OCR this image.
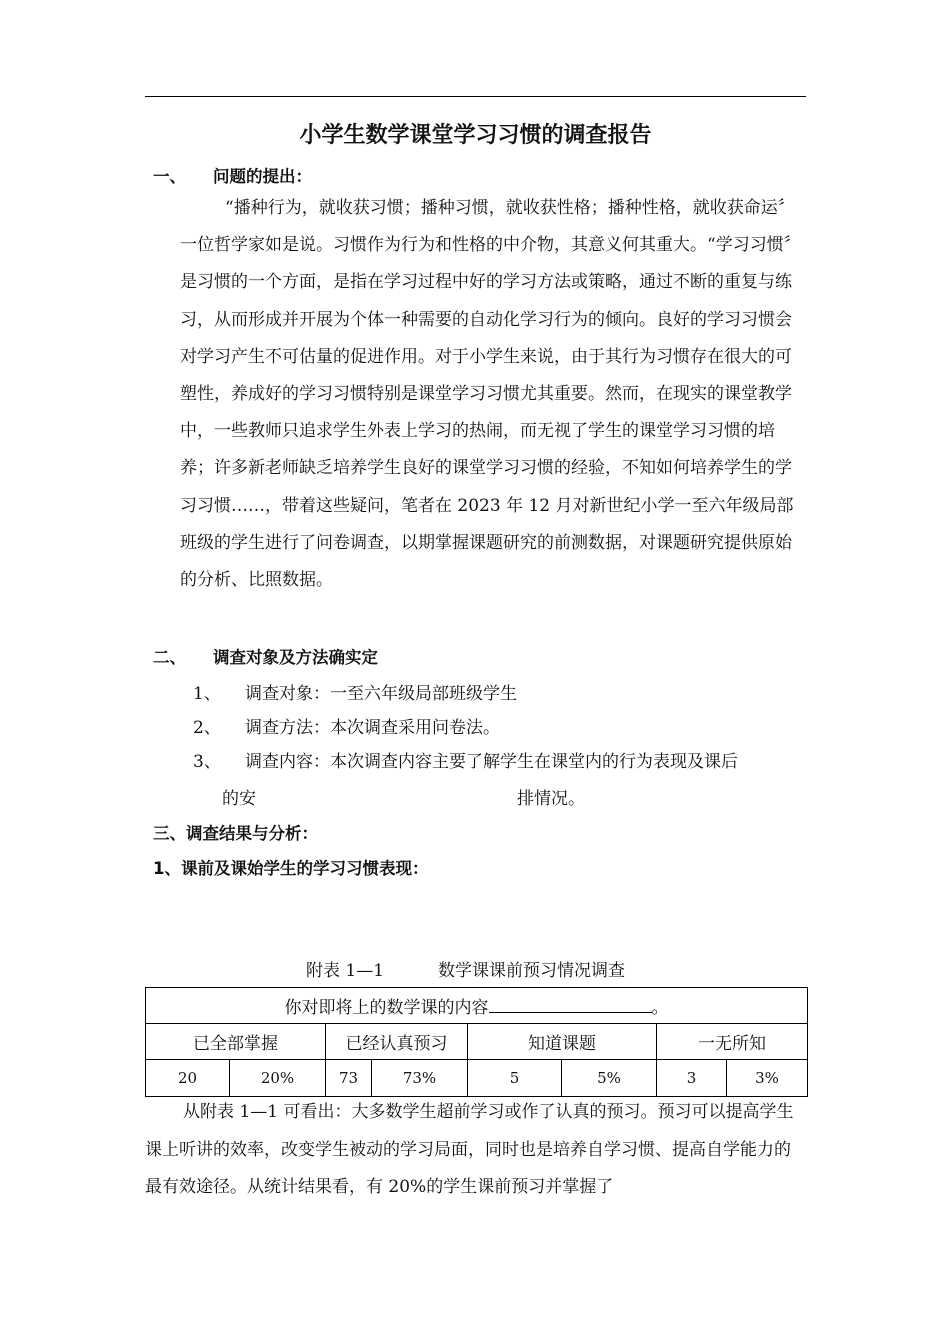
小学生数学课堂学习习惯的调查报告
一、 问题的提出：
“播种行为，就收获习惯；播种习惯，就收获性格；播种性格，就收获命运〞一位哲学家如是说。习惯作为行为和性格的中介物，其意义何其重大。“学习习惯〞是习惯的一个方面，是指在学习过程中好的学习方法或策略，通过不断的重复与练习，从而形成并开展为个体一种需要的自动化学习行为的倾向。良好的学习习惯会对学习产生不可估量的促进作用。对于小学生来说，由于其行为习惯存在很大的可塑性，养成好的学习习惯特别是课堂学习习惯尤其重要。然而，在现实的课堂教学中，一些教师只追求学生外表上学习的热闹，而无视了学生的课堂学习习惯的培养；许多新老师缺乏培养学生良好的课堂学习习惯的经验，不知如何培养学生的学习习惯……，带着这些疑问，笔者在 2023 年 12 月对新世纪小学一至六年级局部班级的学生进行了问卷调查，以期掌握课题研究的前测数据，对课题研究提供原始的分析、比照数据。
二、 调查对象及方法确实定
1、 调查对象：一至六年级局部班级学生
2、 调查方法：本次调查采用问卷法。
3、 调查内容：本次调查内容主要了解学生在课堂内的行为表现及课后
的安	排情况。
三、调查结果与分析：
1、课前及课始学生的学习习惯表现：
附表 1—1	数学课课前预习情况调查
你对即将上的数学课的内容 。							
已全部掌握		已经认真预习		知道课题		一无所知	
20	20%	73	73%	5	5%	3	3%
从附表 1—1 可看出：大多数学生超前学习或作了认真的预习。预习可以提高学生课上听讲的效率，改变学生被动的学习局面，同时也是培养自学习惯、提高自学能力的最有效途径。从统计结果看，有 20%的学生课前预习并掌握了
